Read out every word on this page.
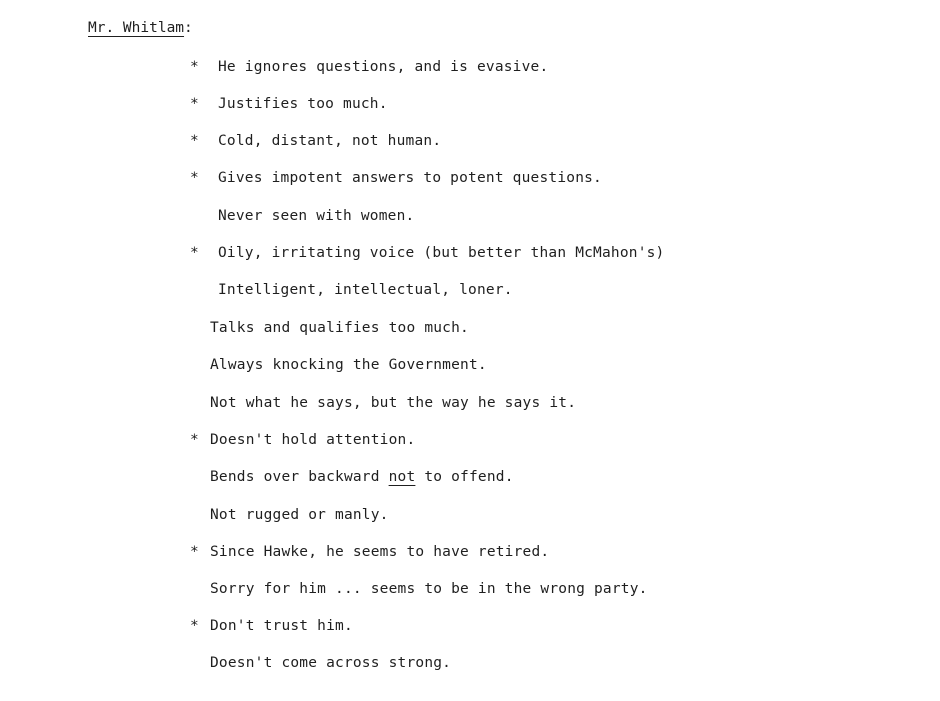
Mr. Whitlam:
* He ignores questions, and is evasive.
* Justifies too much.
* Cold, distant, not human.
* Gives impotent answers to potent questions.
Never seen with women.
* Oily, irritating voice (but better than McMahon's)
Intelligent, intellectual, loner.
Talks and qualifies too much.
Always knocking the Government.
Not what he says, but the way he says it.
* Doesn't hold attention.
Bends over backward not to offend.
Not rugged or manly.
* Since Hawke, he seems to have retired.
Sorry for him ... seems to be in the wrong party.
* Don't trust him.
Doesn't come across strong.
